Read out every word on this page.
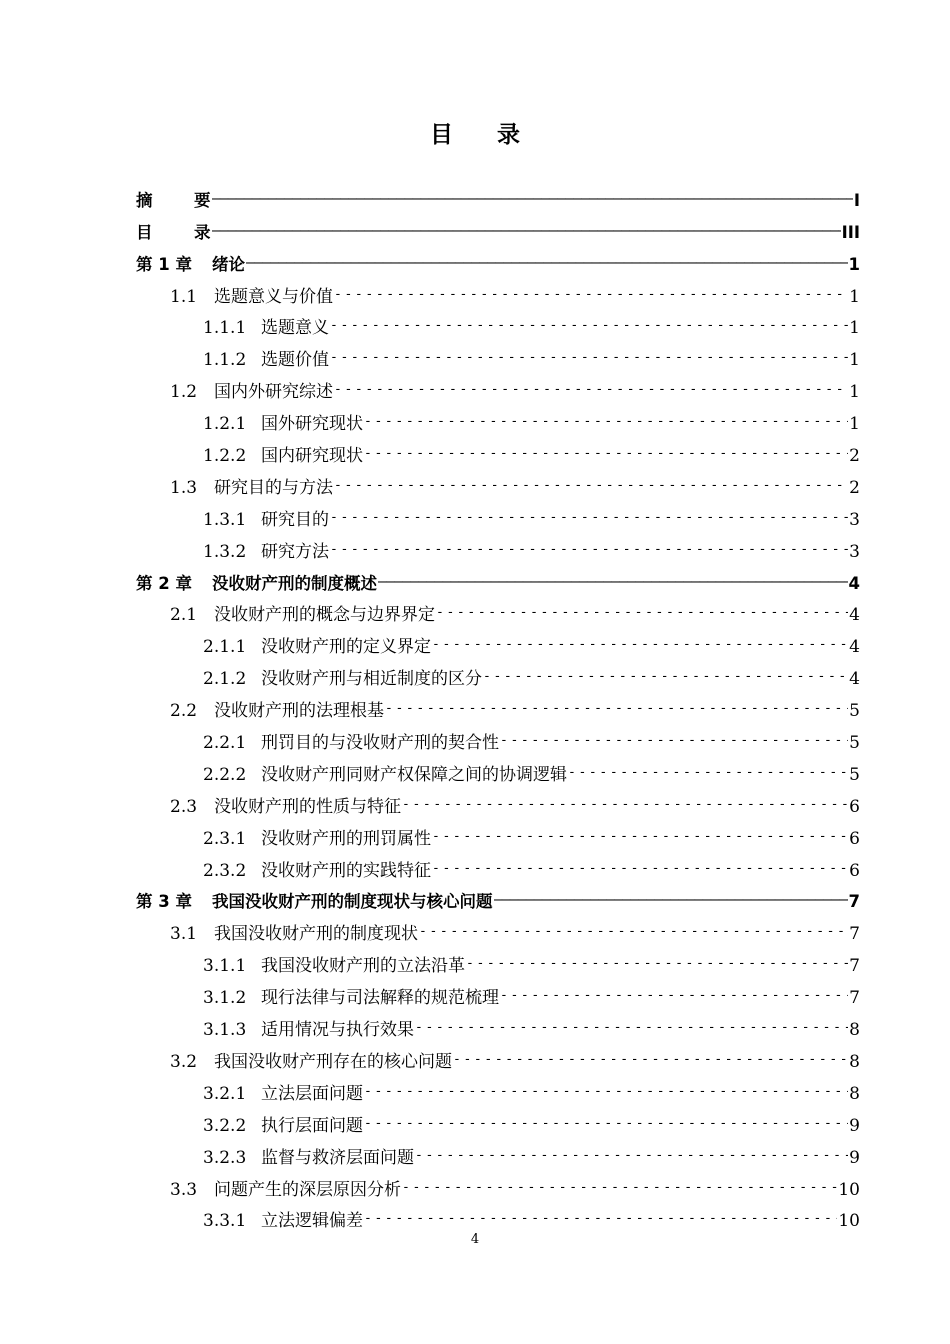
目 录
摘	要 —————	I
目	录 —————	III
第 1 章	绪论 —————	1
1.1 选题意义与价值 - - -	1
1.1.1 选题意义 - - -	1
1.1.2 选题价值 - - -	1
1.2 国内外研究综述 - - -	1
1.2.1 国外研究现状 - - -	1
1.2.2 国内研究现状 - - -	2
1.3 研究目的与方法 - - -	2
1.3.1 研究目的 - - -	3
1.3.2 研究方法 - - -	3
第 2 章	没收财产刑的制度概述 —————	4
2.1 没收财产刑的概念与边界界定 - - -	4
2.1.1 没收财产刑的定义界定 - - -	4
2.1.2 没收财产刑与相近制度的区分 - - -	4
2.2 没收财产刑的法理根基 - - -	5
2.2.1 刑罚目的与没收财产刑的契合性 - - -	5
2.2.2 没收财产刑同财产权保障之间的协调逻辑 - - -	5
2.3 没收财产刑的性质与特征 - - -	6
2.3.1 没收财产刑的刑罚属性 - - -	6
2.3.2 没收财产刑的实践特征 - - -	6
第 3 章	我国没收财产刑的制度现状与核心问题 —————	7
3.1 我国没收财产刑的制度现状 - - -	7
3.1.1 我国没收财产刑的立法沿革 - - -	7
3.1.2 现行法律与司法解释的规范梳理 - - -	7
3.1.3 适用情况与执行效果 - - -	8
3.2 我国没收财产刑存在的核心问题 - - -	8
3.2.1 立法层面问题 - - -	8
3.2.2 执行层面问题 - - -	9
3.2.3 监督与救济层面问题 - - -	9
3.3 问题产生的深层原因分析 - - -	10
3.3.1 立法逻辑偏差 - - -	10
4
